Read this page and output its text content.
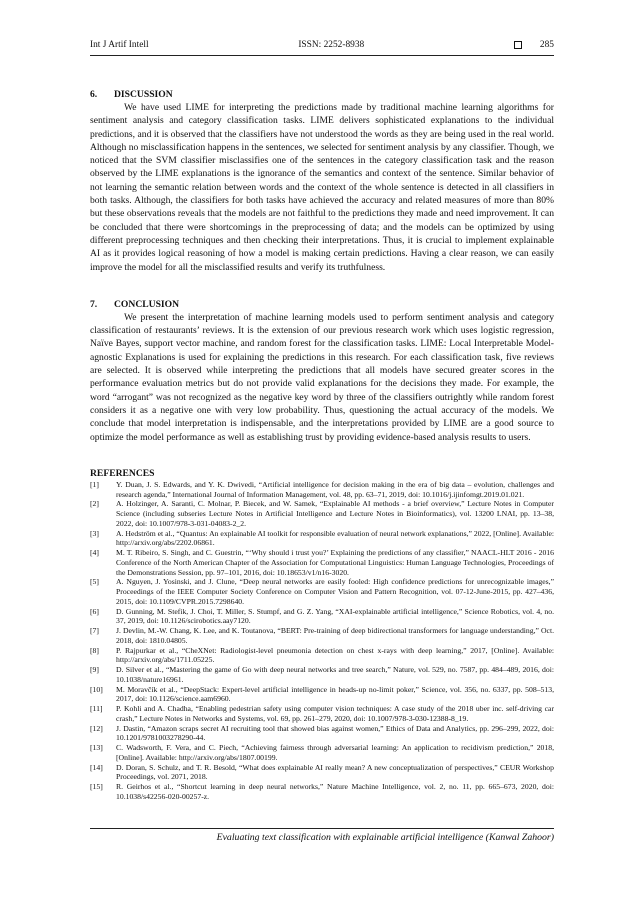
Int J Artif Intell	ISSN: 2252-8938	285

6. DISCUSSION

We have used LIME for interpreting the predictions made by traditional machine learning algorithms for sentiment analysis and category classification tasks. LIME delivers sophisticated explanations to the individual predictions, and it is observed that the classifiers have not understood the words as they are being used in the real world. Although no misclassification happens in the sentences, we selected for sentiment analysis by any classifier. Though, we noticed that the SVM classifier misclassifies one of the sentences in the category classification task and the reason observed by the LIME explanations is the ignorance of the semantics and context of the sentence. Similar behavior of not learning the semantic relation between words and the context of the whole sentence is detected in all classifiers in both tasks. Although, the classifiers for both tasks have achieved the accuracy and related measures of more than 80% but these observations reveals that the models are not faithful to the predictions they made and need improvement. It can be concluded that there were shortcomings in the preprocessing of data; and the models can be optimized by using different preprocessing techniques and then checking their interpretations. Thus, it is crucial to implement explainable AI as it provides logical reasoning of how a model is making certain predictions. Having a clear reason, we can easily improve the model for all the misclassified results and verify its truthfulness.

7. CONCLUSION

We present the interpretation of machine learning models used to perform sentiment analysis and category classification of restaurants’ reviews. It is the extension of our previous research work which uses logistic regression, Naïve Bayes, support vector machine, and random forest for the classification tasks. LIME: Local Interpretable Model-agnostic Explanations is used for explaining the predictions in this research. For each classification task, five reviews are selected. It is observed while interpreting the predictions that all models have secured greater scores in the performance evaluation metrics but do not provide valid explanations for the decisions they made. For example, the word “arrogant” was not recognized as the negative key word by three of the classifiers outrightly while random forest considers it as a negative one with very low probability. Thus, questioning the actual accuracy of the models. We conclude that model interpretation is indispensable, and the interpretations provided by LIME are a good source to optimize the model performance as well as establishing trust by providing evidence-based analysis results to users.

REFERENCES

[1]	Y. Duan, J. S. Edwards, and Y. K. Dwivedi, “Artificial intelligence for decision making in the era of big data – evolution, challenges and research agenda,” International Journal of Information Management, vol. 48, pp. 63–71, 2019, doi: 10.1016/j.ijinfomgt.2019.01.021.
[2]	A. Holzinger, A. Saranti, C. Molnar, P. Biecek, and W. Samek, “Explainable AI methods - a brief overview,” Lecture Notes in Computer Science (including subseries Lecture Notes in Artificial Intelligence and Lecture Notes in Bioinformatics), vol. 13200 LNAI, pp. 13–38, 2022, doi: 10.1007/978-3-031-04083-2_2.
[3]	A. Hedström et al., “Quantus: An explainable AI toolkit for responsible evaluation of neural network explanations,” 2022, [Online]. Available: http://arxiv.org/abs/2202.06861.
[4]	M. T. Ribeiro, S. Singh, and C. Guestrin, “‘Why should i trust you?’ Explaining the predictions of any classifier,” NAACL-HLT 2016 - 2016 Conference of the North American Chapter of the Association for Computational Linguistics: Human Language Technologies, Proceedings of the Demonstrations Session, pp. 97–101, 2016, doi: 10.18653/v1/n16-3020.
[5]	A. Nguyen, J. Yosinski, and J. Clune, “Deep neural networks are easily fooled: High confidence predictions for unrecognizable images,” Proceedings of the IEEE Computer Society Conference on Computer Vision and Pattern Recognition, vol. 07-12-June-2015, pp. 427–436, 2015, doi: 10.1109/CVPR.2015.7298640.
[6]	D. Gunning, M. Stefik, J. Choi, T. Miller, S. Stumpf, and G. Z. Yang, “XAI-explainable artificial intelligence,” Science Robotics, vol. 4, no. 37, 2019, doi: 10.1126/scirobotics.aay7120.
[7]	J. Devlin, M.-W. Chang, K. Lee, and K. Toutanova, “BERT: Pre-training of deep bidirectional transformers for language understanding,” Oct. 2018, doi: 1810.04805.
[8]	P. Rajpurkar et al., “CheXNet: Radiologist-level pneumonia detection on chest x-rays with deep learning,” 2017, [Online]. Available: http://arxiv.org/abs/1711.05225.
[9]	D. Silver et al., “Mastering the game of Go with deep neural networks and tree search,” Nature, vol. 529, no. 7587, pp. 484–489, 2016, doi: 10.1038/nature16961.
[10]	M. Moravčík et al., “DeepStack: Expert-level artificial intelligence in heads-up no-limit poker,” Science, vol. 356, no. 6337, pp. 508–513, 2017, doi: 10.1126/science.aam6960.
[11]	P. Kohli and A. Chadha, “Enabling pedestrian safety using computer vision techniques: A case study of the 2018 uber inc. self-driving car crash,” Lecture Notes in Networks and Systems, vol. 69, pp. 261–279, 2020, doi: 10.1007/978-3-030-12388-8_19.
[12]	J. Dastin, “Amazon scraps secret AI recruiting tool that showed bias against women,” Ethics of Data and Analytics, pp. 296–299, 2022, doi: 10.1201/9781003278290-44.
[13]	C. Wadsworth, F. Vera, and C. Piech, “Achieving fairness through adversarial learning: An application to recidivism prediction,” 2018, [Online]. Available: http://arxiv.org/abs/1807.00199.
[14]	D. Doran, S. Schulz, and T. R. Besold, “What does explainable AI really mean? A new conceptualization of perspectives,” CEUR Workshop Proceedings, vol. 2071, 2018.
[15]	R. Geirhos et al., “Shortcut learning in deep neural networks,” Nature Machine Intelligence, vol. 2, no. 11, pp. 665–673, 2020, doi: 10.1038/s42256-020-00257-z.
Evaluating text classification with explainable artificial intelligence (Kanwal Zahoor)
